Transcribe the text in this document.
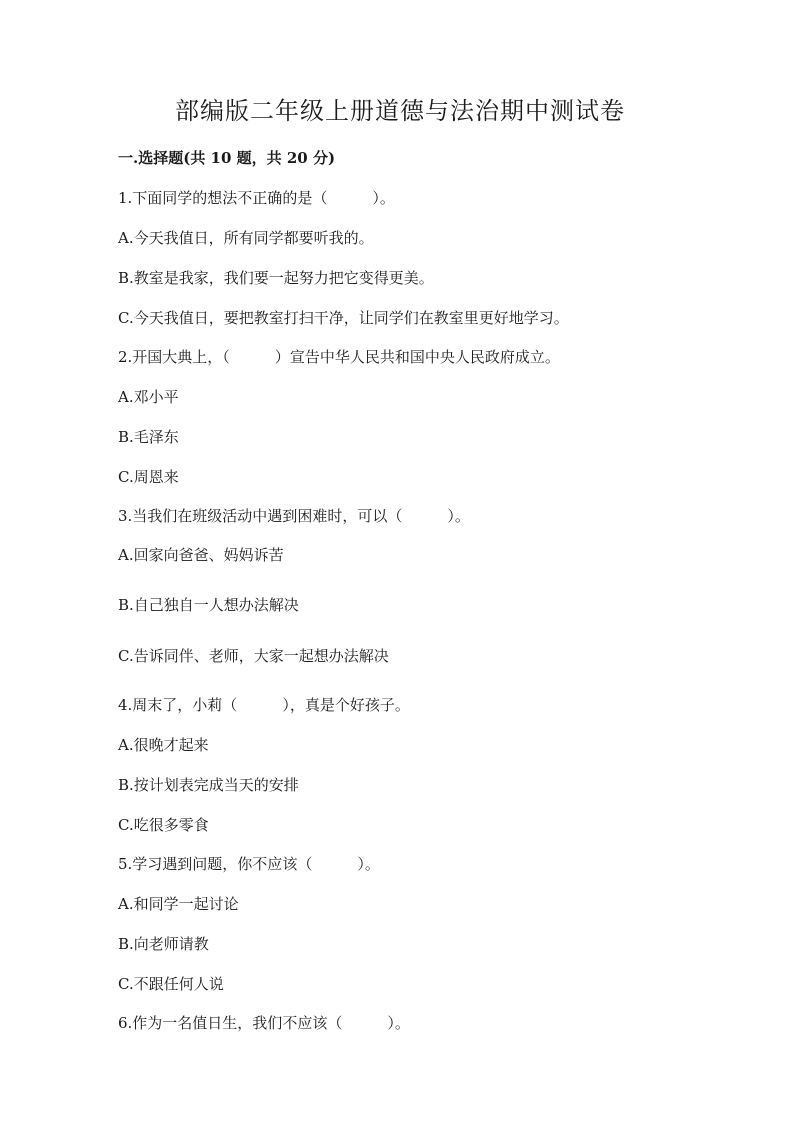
部编版二年级上册道德与法治期中测试卷
一.选择题(共 10 题，共 20 分)
1.下面同学的想法不正确的是（　　　）。
A.今天我值日，所有同学都要听我的。
B.教室是我家，我们要一起努力把它变得更美。
C.今天我值日，要把教室打扫干净，让同学们在教室里更好地学习。
2.开国大典上，（　　　）宣告中华人民共和国中央人民政府成立。
A.邓小平
B.毛泽东
C.周恩来
3.当我们在班级活动中遇到困难时，可以（　　　）。
A.回家向爸爸、妈妈诉苦
B.自己独自一人想办法解决
C.告诉同伴、老师，大家一起想办法解决
4.周末了，小莉（　　　），真是个好孩子。
A.很晚才起来
B.按计划表完成当天的安排
C.吃很多零食
5.学习遇到问题，你不应该（　　　）。
A.和同学一起讨论
B.向老师请教
C.不跟任何人说
6.作为一名值日生，我们不应该（　　　）。
